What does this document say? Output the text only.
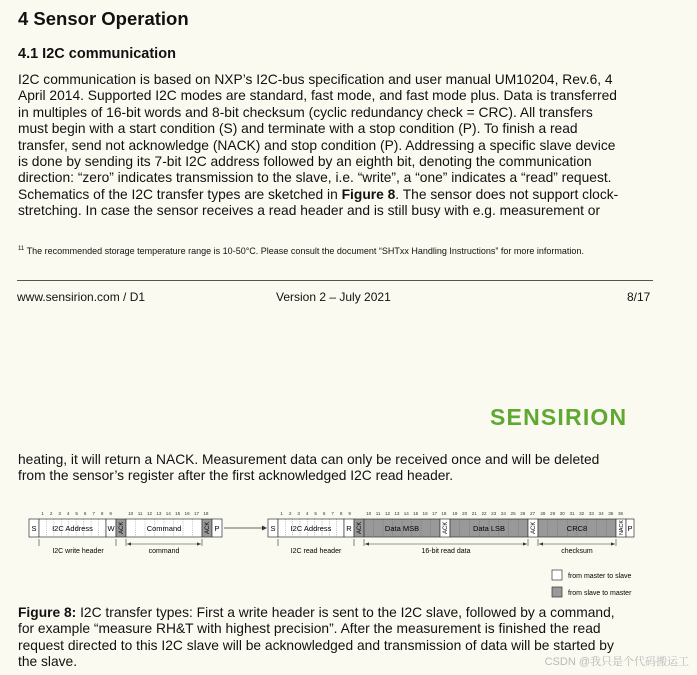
4 Sensor Operation
4.1 I2C communication

I2C communication is based on NXP’s I2C-bus specification and user manual UM10204, Rev.6, 4

April 2014. Supported I2C modes are standard, fast mode, and fast mode plus. Data is transferred

in multiples of 16-bit words and 8-bit checksum (cyclic redundancy check = CRC). All transfers

must begin with a start condition (S) and terminate with a stop condition (P). To finish a read

transfer, send not acknowledge (NACK) and stop condition (P). Addressing a specific slave device

is done by sending its 7-bit I2C address followed by an eighth bit, denoting the communication

direction: “zero” indicates transmission to the slave, i.e. “write”, a “one” indicates a “read” request.

Schematics of the I2C transfer types are sketched in Figure 8. The sensor does not support clock-

stretching. In case the sensor receives a read header and is still busy with e.g. measurement or

$^{11}$ The recommended storage temperature range is 10-50°C. Please consult the document “SHTxx Handling Instructions” for more information.
www.sensirion.com / D1	Version 2 – July 2021	8/17
SENSIRION

heating, it will return a NACK. Measurement data can only be received once and will be deleted

from the sensor’s register after the first acknowledged I2C read header.

1 2 3 4 5 6 7 8 9	10 11 12 13 14 15 16 17 18	1 2 3 4 5 6 7 8 9	10 11 12 13 14 15 16 17 18 19 20 21 22 23 24 25 26 27 28 29 30 31 32 33 34 35 36
S I2C Address W	Command	P
ACK	ACK	S I2C Address R	Data MSB	Data LSB	CRC8	P
ACK	ACK	ACK	NACK
I2C write header	command	I2C read header	16-bit read data	checksum
from master to slave
from slave to master

Figure 8: I2C transfer types: First a write header is sent to the I2C slave, followed by a command,

for example “measure RH&T with highest precision”. After the measurement is finished the read

request directed to this I2C slave will be acknowledged and transmission of data will be started by

the slave.	CSDN @我只是个代码搬运工
